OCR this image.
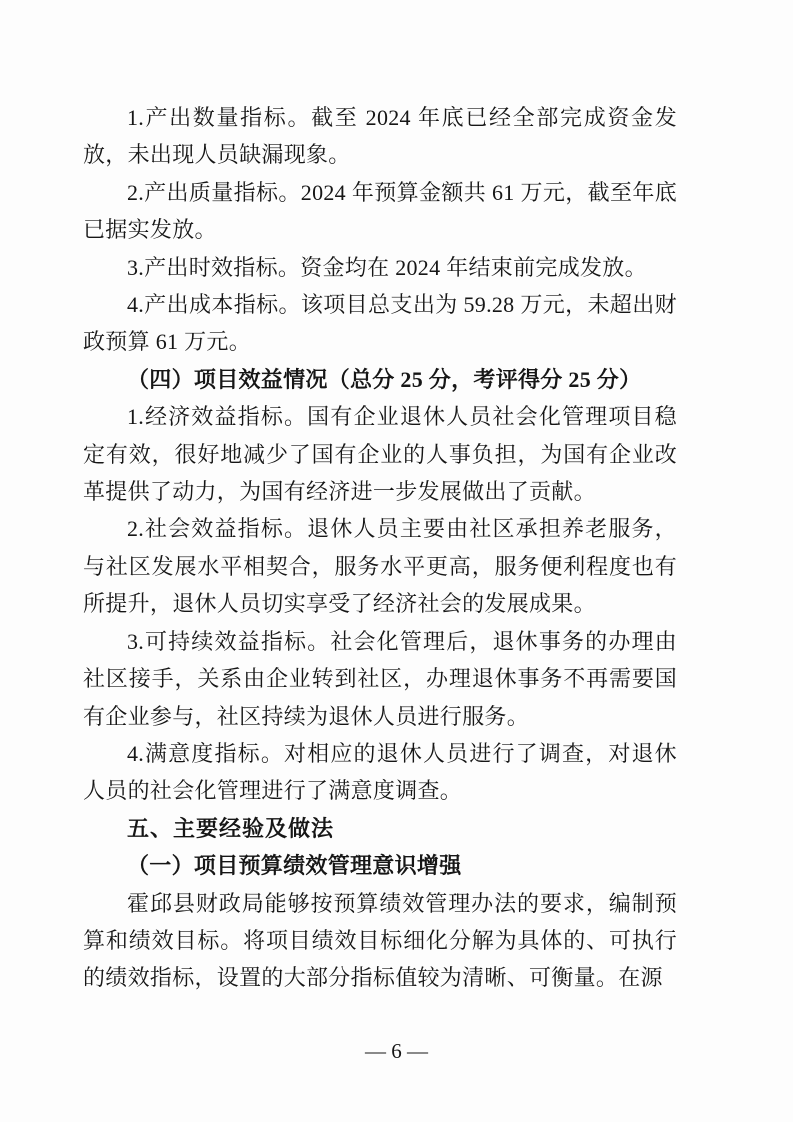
1.产出数量指标。截至 2024 年底已经全部完成资金发放，未出现人员缺漏现象。

2.产出质量指标。2024 年预算金额共 61 万元，截至年底已据实发放。

3.产出时效指标。资金均在 2024 年结束前完成发放。

4.产出成本指标。该项目总支出为 59.28 万元，未超出财政预算 61 万元。

（四）项目效益情况（总分 25 分，考评得分 25 分）

1.经济效益指标。国有企业退休人员社会化管理项目稳定有效，很好地减少了国有企业的人事负担，为国有企业改革提供了动力，为国有经济进一步发展做出了贡献。

2.社会效益指标。退休人员主要由社区承担养老服务，与社区发展水平相契合，服务水平更高，服务便利程度也有所提升，退休人员切实享受了经济社会的发展成果。

3.可持续效益指标。社会化管理后，退休事务的办理由社区接手，关系由企业转到社区，办理退休事务不再需要国有企业参与，社区持续为退休人员进行服务。

4.满意度指标。对相应的退休人员进行了调查，对退休人员的社会化管理进行了满意度调查。

五、主要经验及做法

（一）项目预算绩效管理意识增强

霍邱县财政局能够按预算绩效管理办法的要求，编制预算和绩效目标。将项目绩效目标细化分解为具体的、可执行的绩效指标，设置的大部分指标值较为清晰、可衡量。在源

— 6 —
